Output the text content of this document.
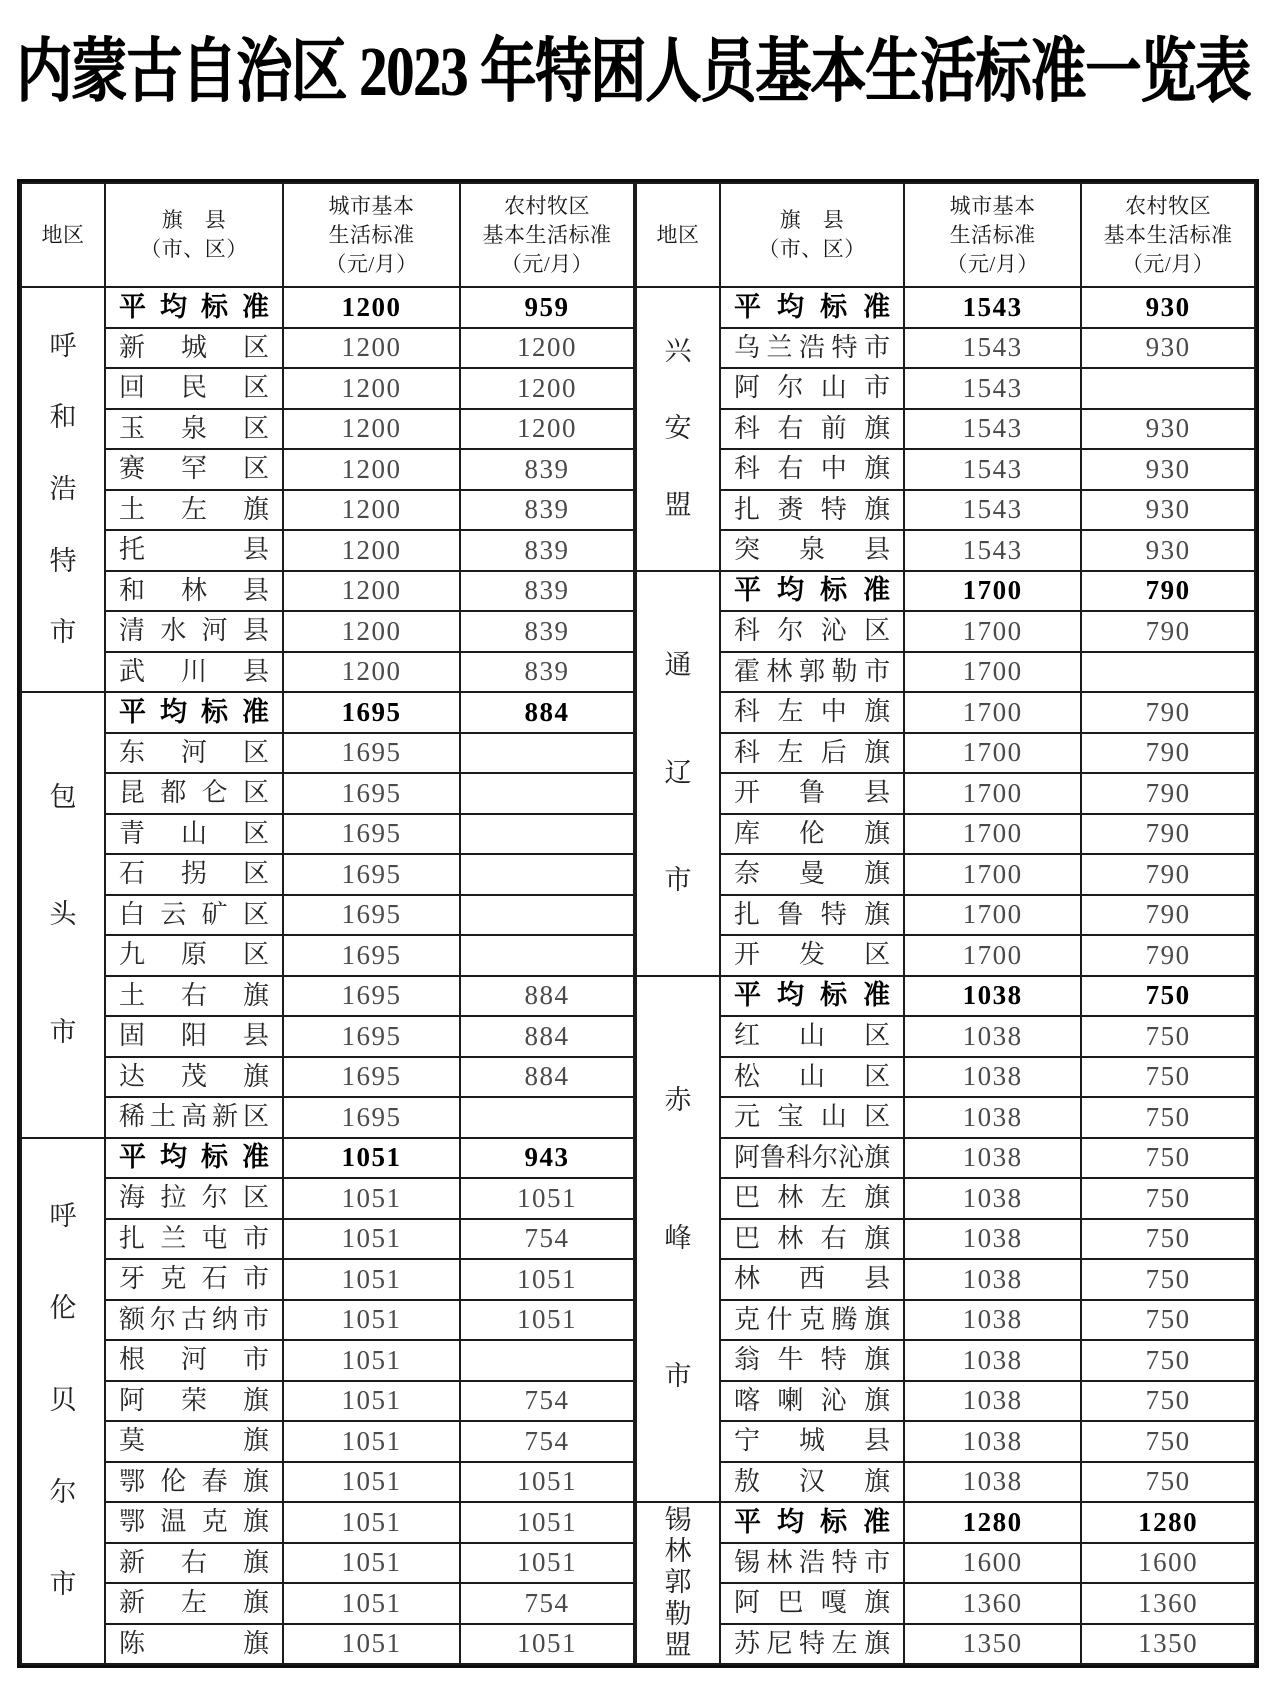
内蒙古自治区 2023 年特困人员基本生活标准一览表
地区

旗　县
（市、区）

城市基本
生活标准
（元/月）

农村牧区
基本生活标准
（元/月）

呼
和
浩
特
市	平 均 标 准	1200	959

	新 城 区	1200	1200

	回 民 区	1200	1200

	玉 泉 区	1200	1200

	赛 罕 区	1200	839

	土 左 旗	1200	839

	托 县	1200	839

	和 林 县	1200	839

	清 水 河 县	1200	839

	武 川 县	1200	839

包
头
市	平 均 标 准	1695	884

	东 河 区	1695	

	昆 都 仑 区	1695	

	青 山 区	1695	

	石 拐 区	1695	

	白 云 矿 区	1695	

	九 原 区	1695	

	土 右 旗	1695	884

	固 阳 县	1695	884

	达 茂 旗	1695	884

	稀 土 高 新 区	1695	

呼
伦
贝
尔
市	平 均 标 准	1051	943

	海 拉 尔 区	1051	1051

	扎 兰 屯 市	1051	754

	牙 克 石 市	1051	1051

	额 尔 古 纳 市	1051	1051

	根 河 市	1051	

	阿 荣 旗	1051	754

	莫 旗	1051	754

	鄂 伦 春 旗	1051	1051

	鄂 温 克 旗	1051	1051

	新 右 旗	1051	1051

	新 左 旗	1051	754

	陈 旗	1051	1051
地区

旗　县
（市、区）

城市基本
生活标准
（元/月）

农村牧区
基本生活标准
（元/月）

兴
安
盟	平 均 标 准	1543	930

	乌 兰 浩 特 市	1543	930

	阿 尔 山 市	1543	

	科 右 前 旗	1543	930

	科 右 中 旗	1543	930

	扎 赉 特 旗	1543	930

	突 泉 县	1543	930

通
辽
市	平 均 标 准	1700	790

	科 尔 沁 区	1700	790

	霍 林 郭 勒 市	1700	

	科 左 中 旗	1700	790

	科 左 后 旗	1700	790

	开 鲁 县	1700	790

	库 伦 旗	1700	790

	奈 曼 旗	1700	790

	扎 鲁 特 旗	1700	790

	开 发 区	1700	790

赤
峰
市	平 均 标 准	1038	750

	红 山 区	1038	750

	松 山 区	1038	750

	元 宝 山 区	1038	750

阿 鲁 科 尔 沁 旗	1038	750

	巴 林 左 旗	1038	750

	巴 林 右 旗	1038	750

	林 西 县	1038	750

	克 什 克 腾 旗	1038	750

	翁 牛 特 旗	1038	750

	喀 喇 沁 旗	1038	750

	宁 城 县	1038	750

	敖 汉 旗	1038	750

锡
林
郭
勒
盟	平 均 标 准	1280	1280

	锡 林 浩 特 市	1600	1600

	阿 巴 嘎 旗	1360	1360

	苏 尼 特 左 旗	1350	1350
